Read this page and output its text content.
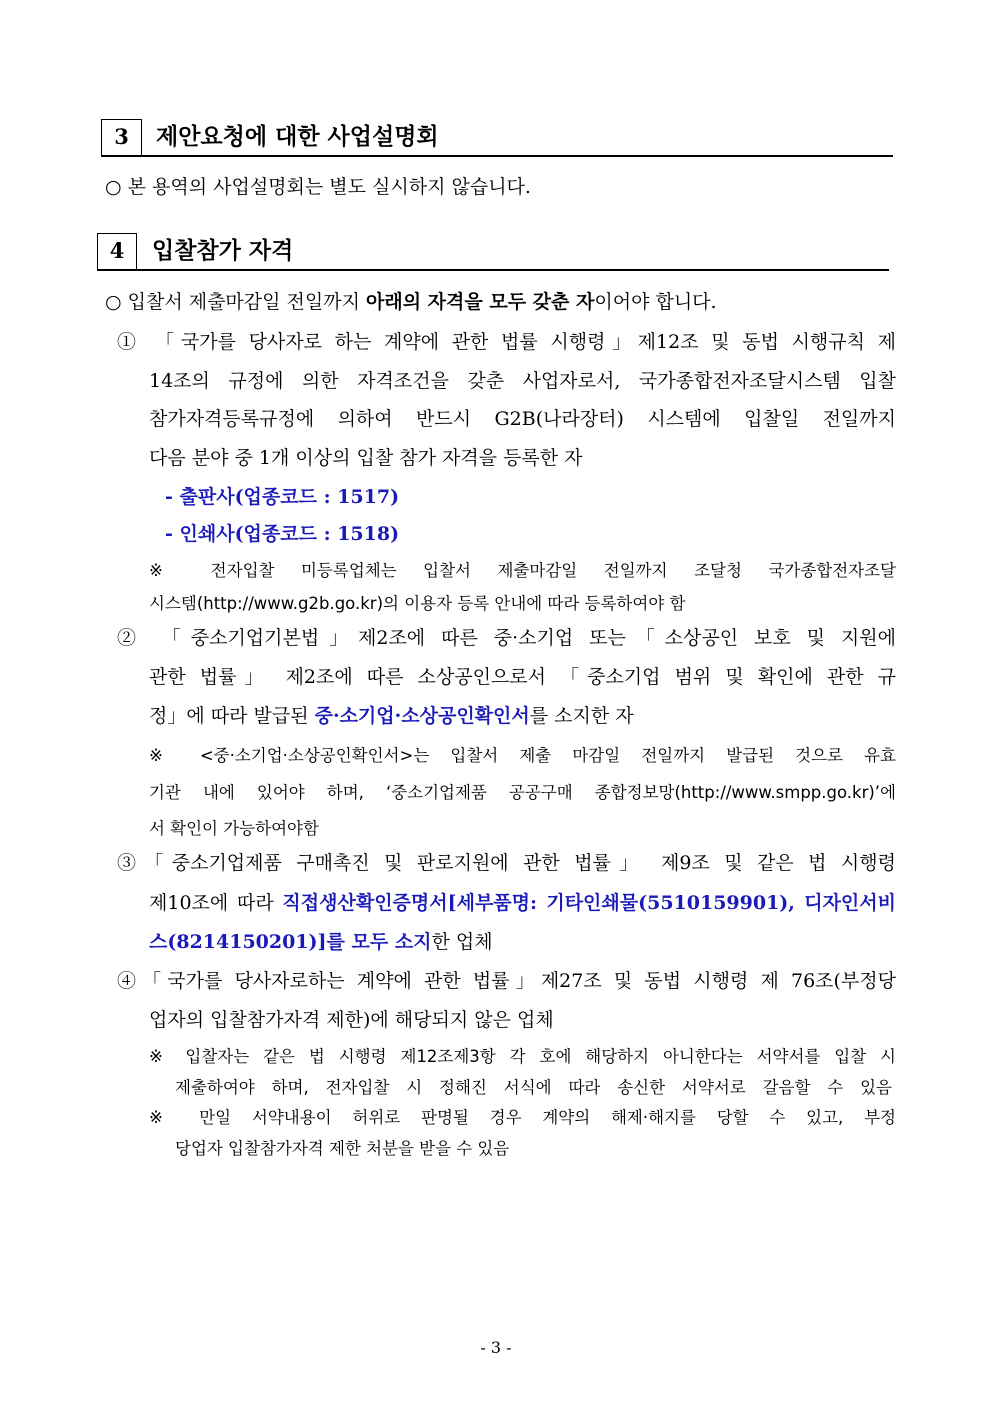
3	제안요청에 대한 사업설명회
○ 본 용역의 사업설명회는 별도 실시하지 않습니다.
4	입찰참가 자격
○ 입찰서 제출마감일 전일까지 아래의 자격을 모두 갖춘 자이어야 합니다.
① 「국가를 당사자로 하는 계약에 관한 법률 시행령」제12조 및 동법 시행규칙 제
14조의 규정에 의한 자격조건을 갖춘 사업자로서, 국가종합전자조달시스템 입찰
참가자격등록규정에 의하여 반드시 G2B(나라장터) 시스템에 입찰일 전일까지
다음 분야 중 1개 이상의 입찰 참가 자격을 등록한 자
- 출판사(업종코드 : 1517)
- 인쇄사(업종코드 : 1518)
※ 전자입찰 미등록업체는 입찰서 제출마감일 전일까지 조달청 국가종합전자조달
시스템(http://www.g2b.go.kr)의 이용자 등록 안내에 따라 등록하여야 함
② 「중소기업기본법」제2조에 따른 중·소기업 또는「소상공인 보호 및 지원에
관한 법률」 제2조에 따른 소상공인으로서 「중소기업 범위 및 확인에 관한 규
정」에 따라 발급된 중·소기업·소상공인확인서를 소지한 자
※ <중·소기업·소상공인확인서>는 입찰서 제출 마감일 전일까지 발급된 것으로 유효
기관 내에 있어야 하며, ‘중소기업제품 공공구매 종합정보망(http://www.smpp.go.kr)’에
서 확인이 가능하여야함
③「중소기업제품 구매촉진 및 판로지원에 관한 법률」 제9조 및 같은 법 시행령
제10조에 따라 직접생산확인증명서[세부품명: 기타인쇄물(5510159901), 디자인서비
스(8214150201)]를 모두 소지한 업체
④「국가를 당사자로하는 계약에 관한 법률」제27조 및 동법 시행령 제 76조(부정당
업자의 입찰참가자격 제한)에 해당되지 않은 업체
※ 입찰자는 같은 법 시행령 제12조제3항 각 호에 해당하지 아니한다는 서약서를 입찰 시
제출하여야 하며, 전자입찰 시 정해진 서식에 따라 송신한 서약서로 갈음할 수 있음
※ 만일 서약내용이 허위로 판명될 경우 계약의 해제·해지를 당할 수 있고, 부정
당업자 입찰참가자격 제한 처분을 받을 수 있음
- 3 -
